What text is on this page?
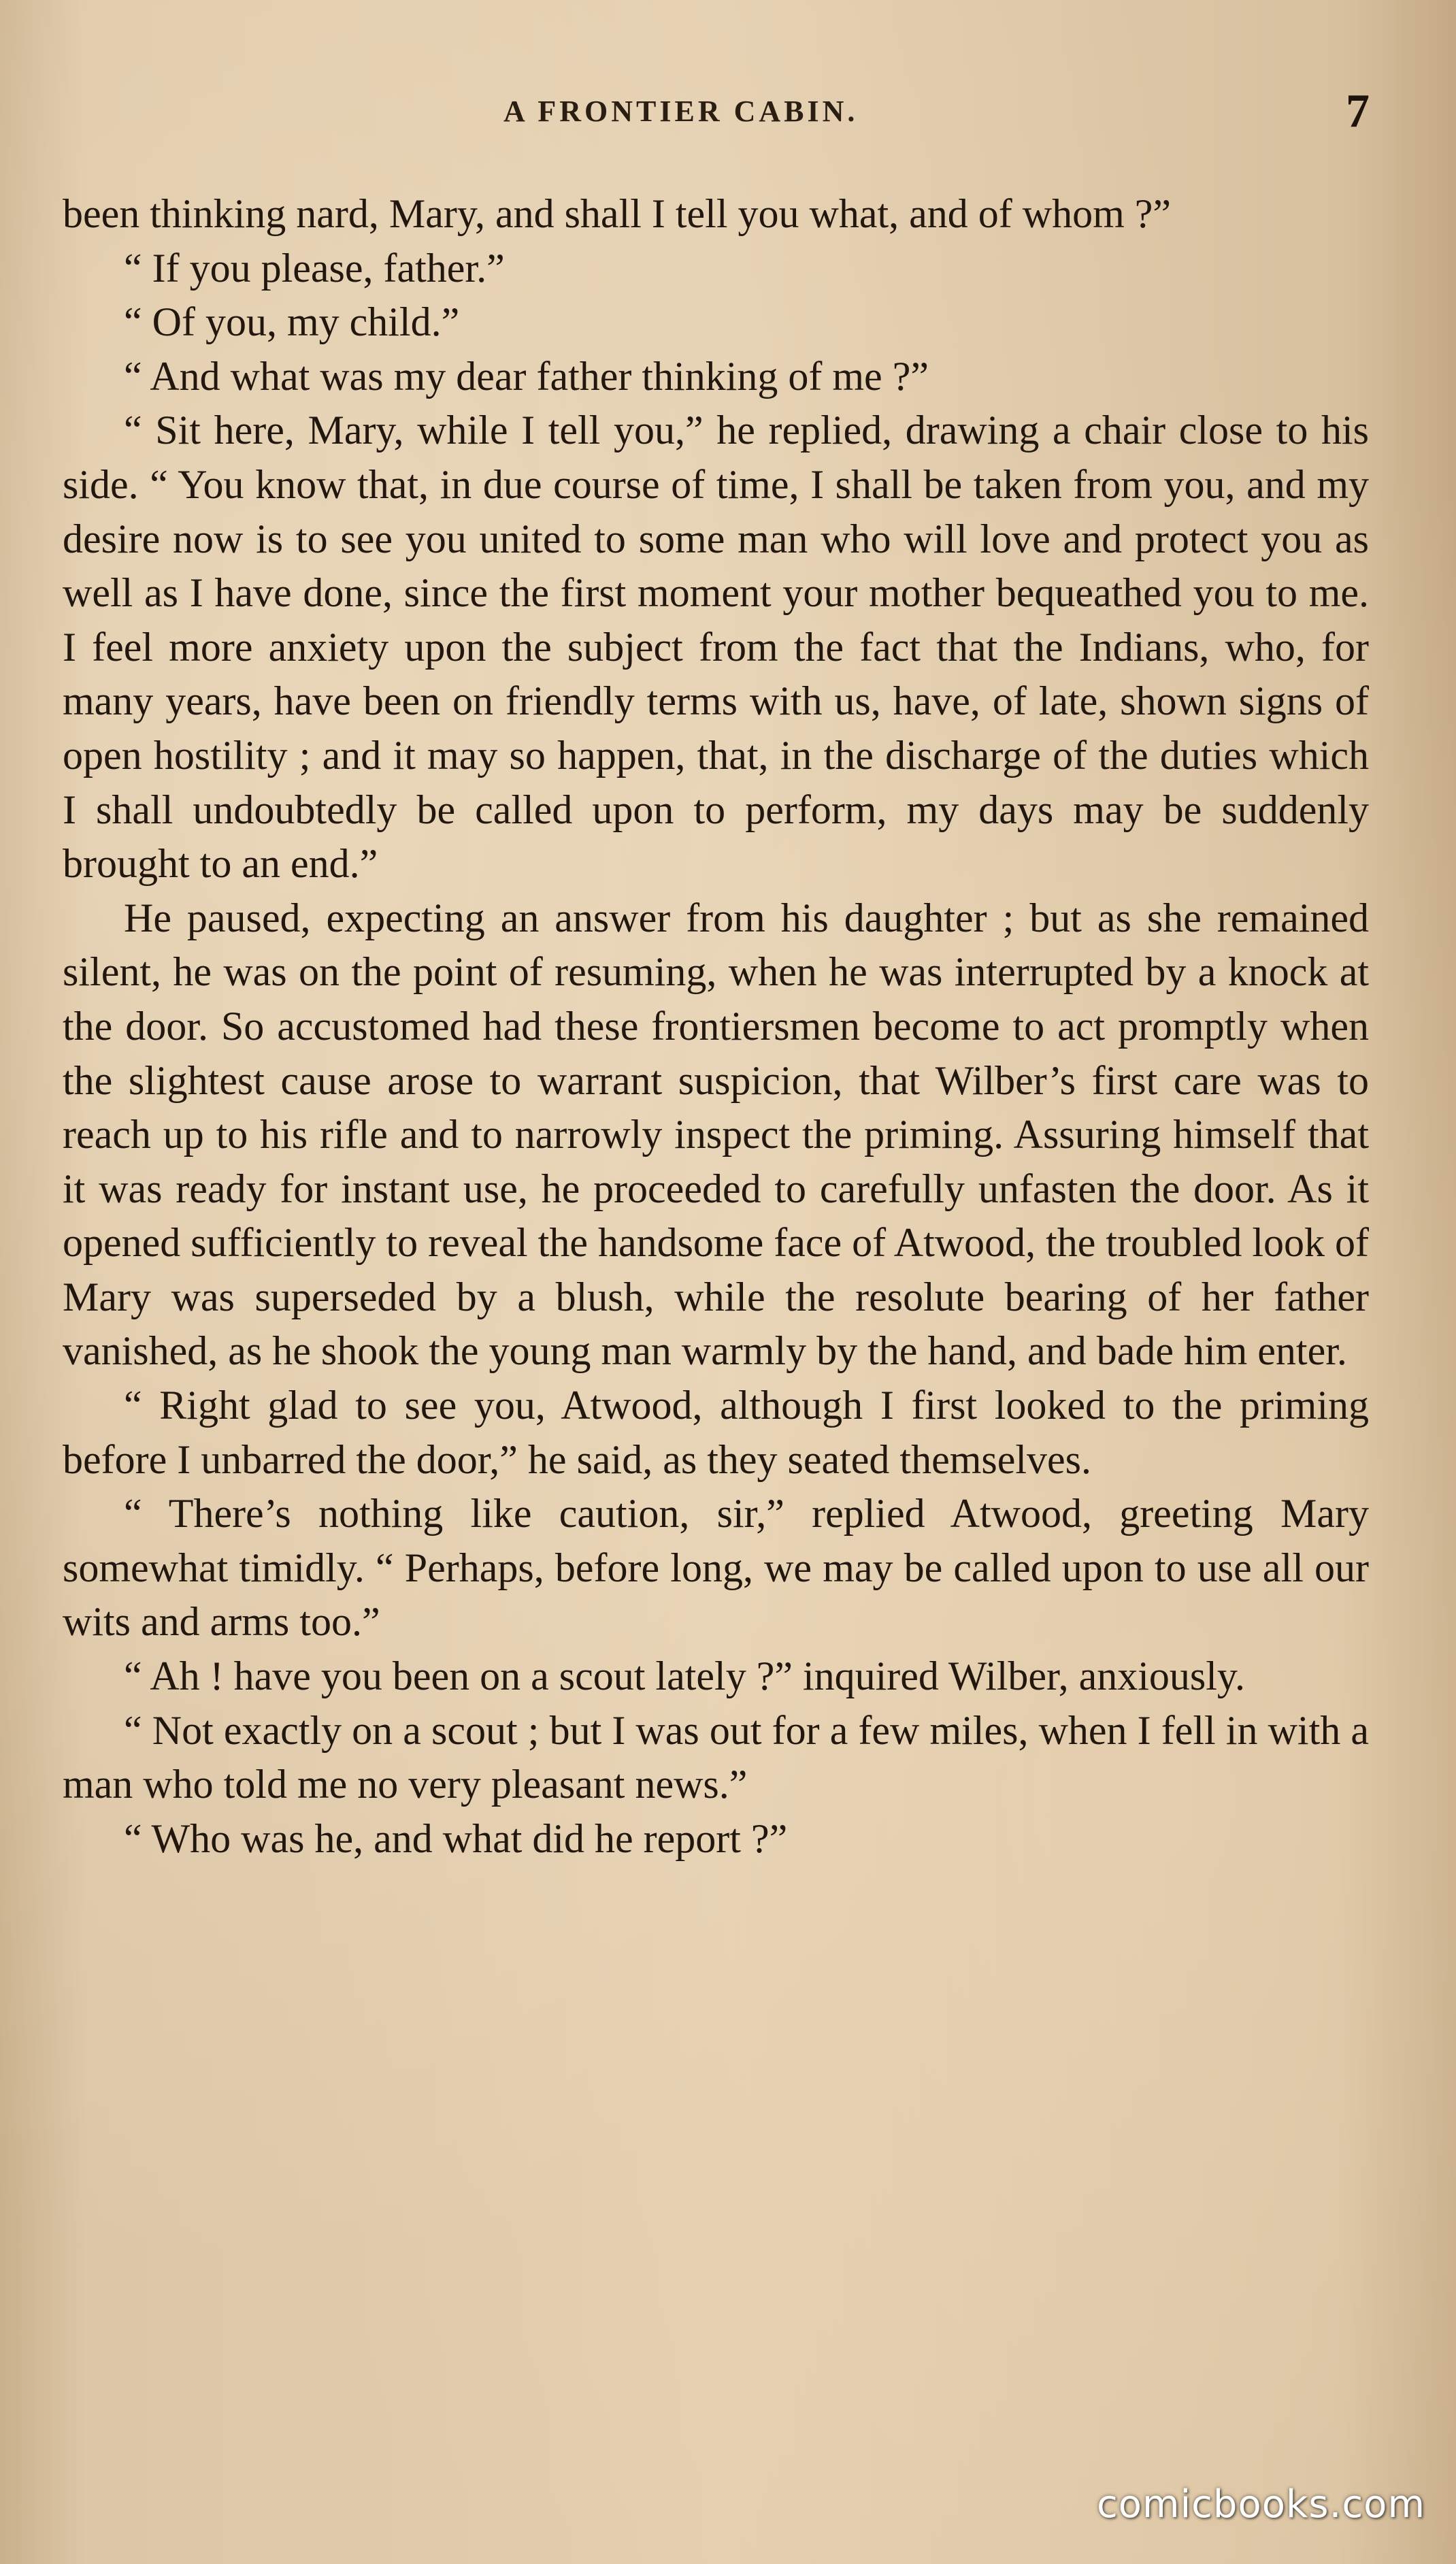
A FRONTIER CABIN.	7

been thinking nard, Mary, and shall I tell you what, and of whom ?”

“ If you please, father.”

“ Of you, my child.”

“ And what was my dear father thinking of me ?”

“ Sit here, Mary, while I tell you,” he replied, drawing a chair close to his side. “ You know that, in due course of time, I shall be taken from you, and my desire now is to see you united to some man who will love and protect you as well as I have done, since the first moment your mother bequeathed you to me. I feel more anxiety upon the subject from the fact that the Indians, who, for many years, have been on friendly terms with us, have, of late, shown signs of open hostility ; and it may so happen, that, in the discharge of the duties which I shall undoubtedly be called upon to perform, my days may be suddenly brought to an end.”

He paused, expecting an answer from his daughter ; but as she remained silent, he was on the point of resuming, when he was interrupted by a knock at the door. So accustomed had these frontiersmen become to act promptly when the slightest cause arose to warrant suspicion, that Wilber’s first care was to reach up to his rifle and to narrowly inspect the priming. Assuring himself that it was ready for instant use, he proceeded to carefully unfasten the door. As it opened sufficiently to reveal the handsome face of Atwood, the troubled look of Mary was superseded by a blush, while the resolute bearing of her father vanished, as he shook the young man warmly by the hand, and bade him enter.

“ Right glad to see you, Atwood, although I first looked to the priming before I unbarred the door,” he said, as they seated themselves.

“ There’s nothing like caution, sir,” replied Atwood, greeting Mary somewhat timidly. “ Perhaps, before long, we may be called upon to use all our wits and arms too.”

“ Ah ! have you been on a scout lately ?” inquired Wilber, anxiously.

“ Not exactly on a scout ; but I was out for a few miles, when I fell in with a man who told me no very pleasant news.”

“ Who was he, and what did he report ?”

comicbooks.com
